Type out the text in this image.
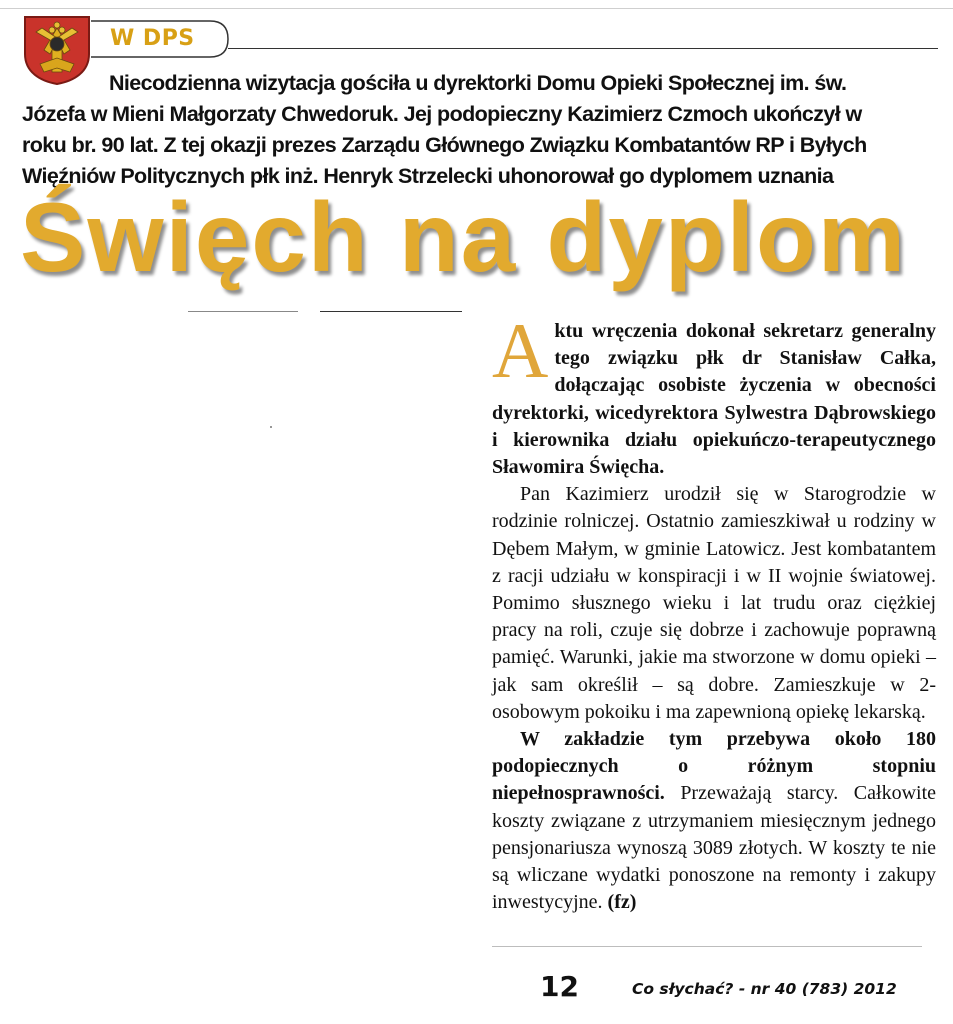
W DPS
Niecodzienna wizytacja gościła u dyrektorki Domu Opieki Społecznej im. św.
Józefa w Mieni Małgorzaty Chwedoruk. Jej podopieczny Kazimierz Czmoch ukończył w
roku br. 90 lat. Z tej okazji prezes Zarządu Głównego Związku Kombatantów RP i Byłych
Więźniów Politycznych płk inż. Henryk Strzelecki uhonorował go dyplomem uznania
Święch na dyplom

Aktu wręczenia dokonał sekretarz generalny tego związku płk dr Stanisław Całka, dołączając osobiste życzenia w obecności dyrektorki, wicedyrektora Sylwestra Dąbrowskiego i kierownika działu opiekuńczo-terapeutycznego Sławomira Święcha.

Pan Kazimierz urodził się w Starogrodzie w rodzinie rolniczej. Ostatnio zamieszkiwał u rodziny w Dębem Małym, w gminie Latowicz. Jest kombatantem z racji udziału w konspiracji i w II wojnie światowej. Pomimo słusznego wieku i lat trudu oraz ciężkiej pracy na roli, czuje się dobrze i zachowuje poprawną pamięć. Warunki, jakie ma stworzone w domu opieki – jak sam określił – są dobre. Zamieszkuje w 2-osobowym pokoiku i ma zapewnioną opiekę lekarską.

W zakładzie tym przebywa około 180 podopiecznych o różnym stopniu niepełnosprawności. Przeważają starcy. Całkowite koszty związane z utrzymaniem miesięcznym jednego pensjonariusza wynoszą 3089 złotych. W koszty te nie są wliczane wydatki ponoszone na remonty i zakupy inwestycyjne. (fz)

12	Co słychać? - nr 40 (783) 2012
